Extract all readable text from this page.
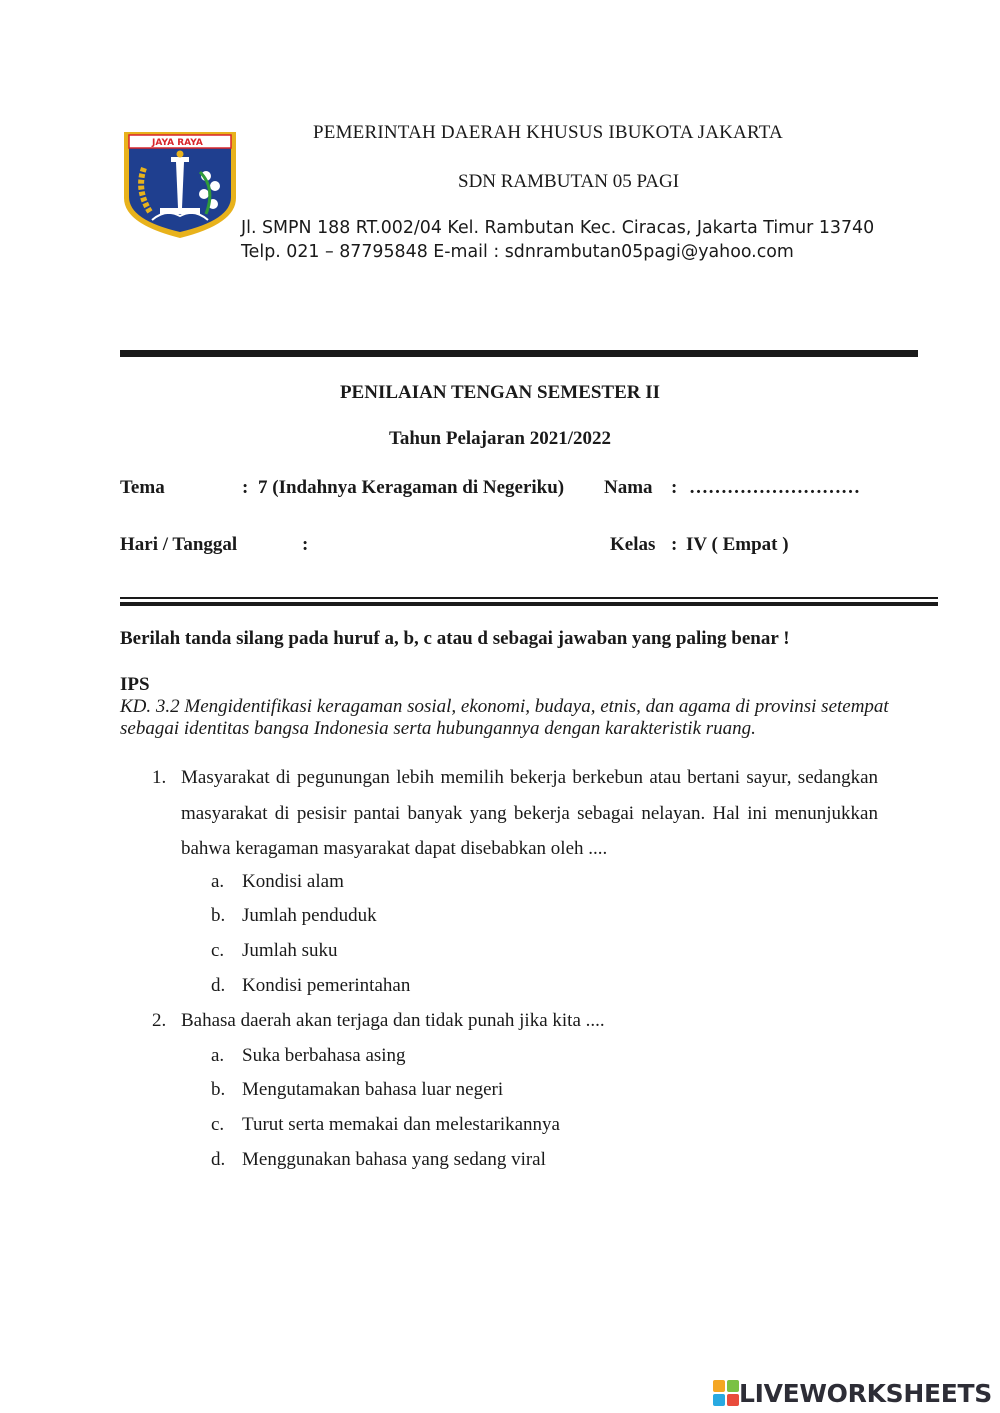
JAYA RAYA	PEMERINTAH DAERAH KHUSUS IBUKOTA JAKARTA
SDN RAMBUTAN 05 PAGI
Jl. SMPN 188 RT.002/04 Kel. Rambutan Kec. Ciracas, Jakarta Timur 13740
Telp. 021 – 87795848 E-mail : sdnrambutan05pagi@yahoo.com
PENILAIAN TENGAN SEMESTER II
Tahun Pelajaran 2021/2022
Tema	: 7 (Indahnya Keragaman di Negeriku) Nama : ………………………
Hari / Tanggal	:	Kelas : IV ( Empat )
Berilah tanda silang pada huruf a, b, c atau d sebagai jawaban yang paling benar !
IPS
KD. 3.2 Mengidentifikasi keragaman sosial, ekonomi, budaya, etnis, dan agama di provinsi setempat sebagai identitas bangsa Indonesia serta hubungannya dengan karakteristik ruang.
1. Masyarakat di pegunungan lebih memilih bekerja berkebun atau bertani sayur, sedangkan masyarakat di pesisir pantai banyak yang bekerja sebagai nelayan. Hal ini menunjukkan bahwa keragaman masyarakat dapat disebabkan oleh ....
a. Kondisi alam
b. Jumlah penduduk
c. Jumlah suku
d. Kondisi pemerintahan
2. Bahasa daerah akan terjaga dan tidak punah jika kita ....
a. Suka berbahasa asing
b. Mengutamakan bahasa luar negeri
c. Turut serta memakai dan melestarikannya
d. Menggunakan bahasa yang sedang viral
LIVEWORKSHEETS
